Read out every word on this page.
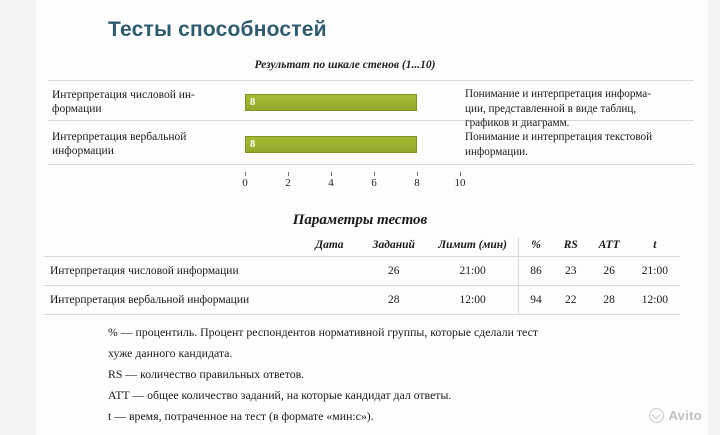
Тесты способностей
Результат по шкале стенов (1...10)
Интерпретация числовой ин-
формации
Интерпретация вербальной
информации
8
8
Понимание и интерпретация информа-
ции, представленной в виде таблиц,
графиков и диаграмм.
Понимание и интерпретация текстовой
информации.
0	2	4	6	8	10
Параметры тестов
	Дата	Заданий	Лимит (мин)	%	RS	ATT	t
Интерпретация числовой информации		26	21:00	86	23	26	21:00
Интерпретация вербальной информации		28	12:00	94	22	28	12:00

% — процентиль. Процент респондентов нормативной группы, которые сделали тест

хуже данного кандидата.

RS — количество правильных ответов.

ATT — общее количество заданий, на которые кандидат дал ответы.

t — время, потраченное на тест (в формате «мин:с»).	Avito
